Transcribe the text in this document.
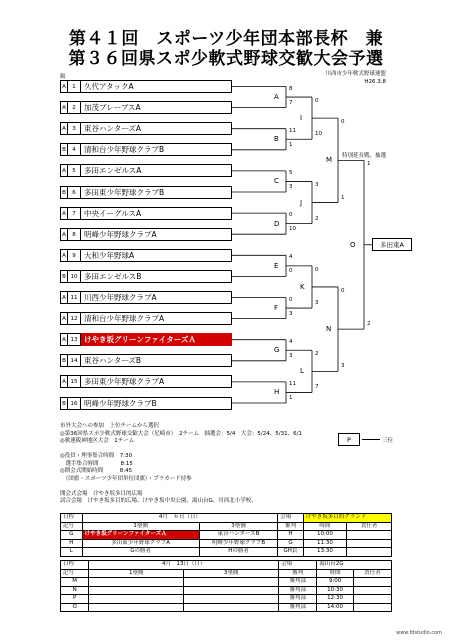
第４１回　スポーツ少年団本部長杯　兼
第３６回県スポ少軟式野球交歓大会予選
川西市少年軟式野球連盟
H26.3.8
級
A	1	久代アタックA
A	2	加茂ブレーブスA
A	3	東谷ハンターズA
B	4	清和台少年野球クラブB
A	5	多田エンゼルスA
B	6	多田東少年野球クラブB
A	7	中央イーグルスA
A	8	明峰少年野球クラブA
A	9	大和少年野球A
B 10 多田エンゼルスB
A 11 川西少年野球クラブA
A 12 清和台少年野球クラブA
A 13 けやき坂グリーンファイターズＡ
B 14 東谷ハンターズB
A 15 多田東少年野球クラブA
B 16 明峰少年野球クラブB
A
B
C
D
E
F
G
H
I
J
K
L
M
N
O
8
7
11
1
5
3
0
10
4
0
0
3
4
3
11
1
0
10
3
2
0
3
2
7
0
1
0
3
1
2
特別延長戦、抽選
多田東A
市外大会への参加　上位チームから選択
◎第36回県スポ少軟式野球交歓大会（尼崎市）　2チーム　抽選会：5/4　大会：5/24、5/31、6/1
◎軟連阪神地区大会　1チーム
◎役員・理事集合時間　7:30
　選手集合時間　　　　8:15
◎開会式開始時間　　　8:45
　（団旗・スポーツ少年団単位団旗）・プラカード持参
開会式会場　けやき坂多目的広場
試合会場　けやき坂多目的広場、けやき坂中央公園、湯山台G、川西北小学校、
P	三位
日程	4月　６日（日）		会場	けやき坂多目的グランド	
記号	1塁側	3塁側	審判	時間	責任者
G	けやき坂グリーンファイターズＡ	東谷ハンターズB	H	10:00	
H	多田東少年野球クラブA	明峰少年野球クラブB	G	11:30	
L	Gの勝者	Hの勝者	GH負	13:30	
日程	4月　13日（日）		会場	湯山台2G	
記号	1塁側	3塁側	審判	時間	責任者
M			審判部	9:00	
N			審判部	10:30	
P			審判部	12:30	
O			審判部	14:00	
www.fdstudio.com
